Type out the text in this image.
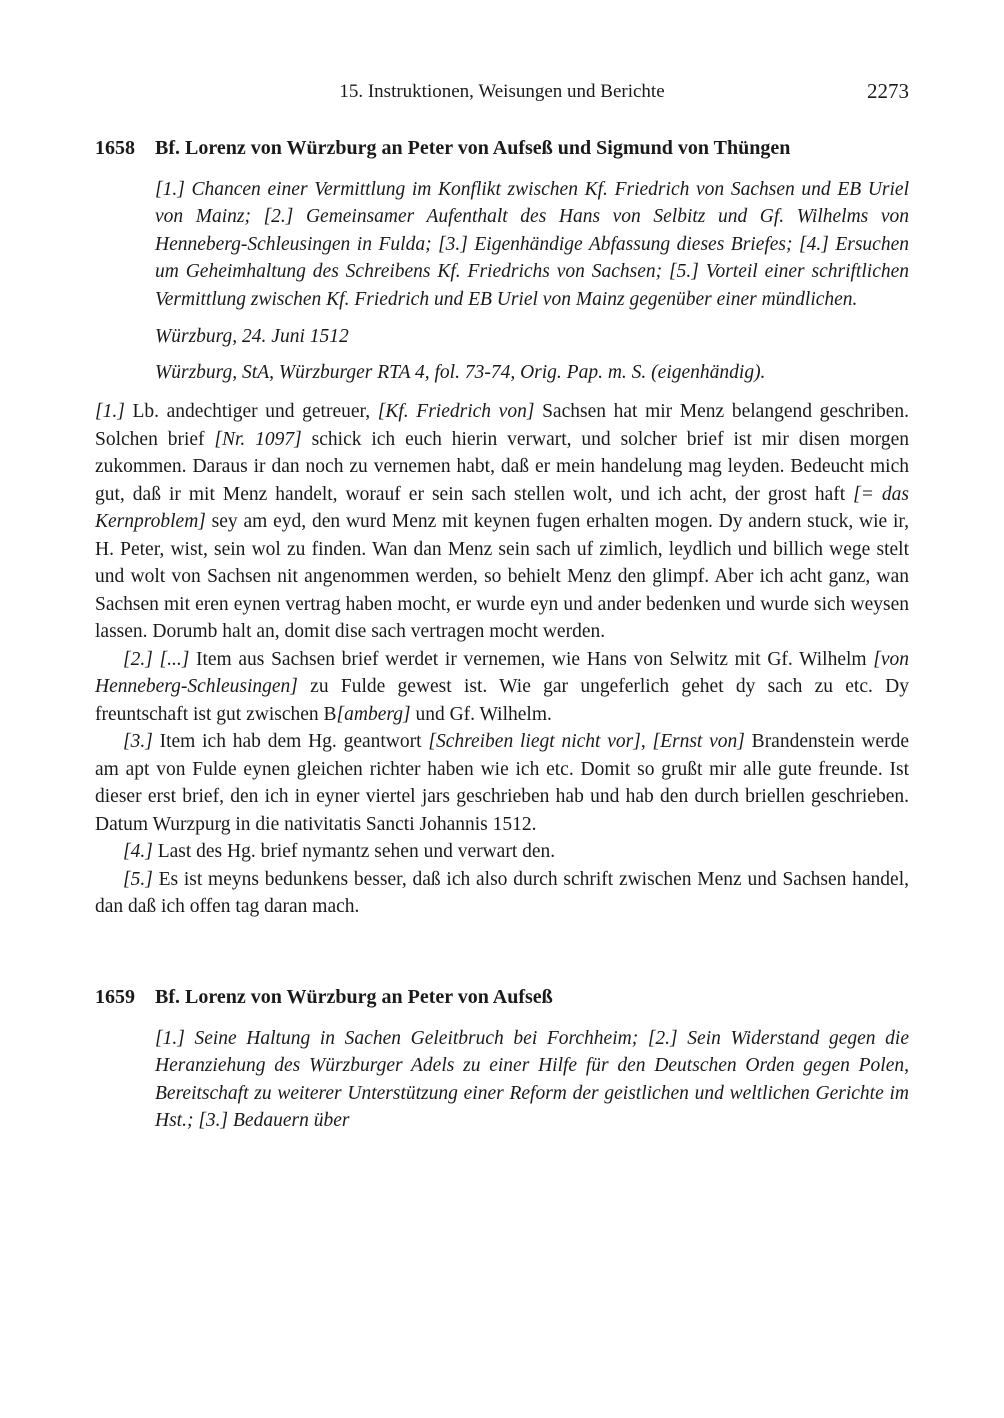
15. Instruktionen, Weisungen und Berichte	2273
1658	Bf. Lorenz von Würzburg an Peter von Aufseß und Sigmund von Thüngen
[1.] Chancen einer Vermittlung im Konflikt zwischen Kf. Friedrich von Sachsen und EB Uriel von Mainz; [2.] Gemeinsamer Aufenthalt des Hans von Selbitz und Gf. Wilhelms von Henneberg-Schleusingen in Fulda; [3.] Eigenhändige Abfassung dieses Briefes; [4.] Ersuchen um Geheimhaltung des Schreibens Kf. Friedrichs von Sachsen; [5.] Vorteil einer schriftlichen Vermittlung zwischen Kf. Friedrich und EB Uriel von Mainz gegenüber einer mündlichen.
Würzburg, 24. Juni 1512
Würzburg, StA, Würzburger RTA 4, fol. 73-74, Orig. Pap. m. S. (eigenhändig).

[1.] Lb. andechtiger und getreuer, [Kf. Friedrich von] Sachsen hat mir Menz belangend geschriben. Solchen brief [Nr. 1097] schick ich euch hierin verwart, und solcher brief ist mir disen morgen zukommen. Daraus ir dan noch zu vernemen habt, daß er mein handelung mag leyden. Bedeucht mich gut, daß ir mit Menz handelt, worauf er sein sach stellen wolt, und ich acht, der grost haft [= das Kernproblem] sey am eyd, den wurd Menz mit keynen fugen erhalten mogen. Dy andern stuck, wie ir, H. Peter, wist, sein wol zu finden. Wan dan Menz sein sach uf zimlich, leydlich und billich wege stelt und wolt von Sachsen nit angenommen werden, so behielt Menz den glimpf. Aber ich acht ganz, wan Sachsen mit eren eynen vertrag haben mocht, er wurde eyn und ander bedenken und wurde sich weysen lassen. Dorumb halt an, domit dise sach vertragen mocht werden.

[2.] [...] Item aus Sachsen brief werdet ir vernemen, wie Hans von Selwitz mit Gf. Wilhelm [von Henneberg-Schleusingen] zu Fulde gewest ist. Wie gar ungeferlich gehet dy sach zu etc. Dy freuntschaft ist gut zwischen B[amberg] und Gf. Wilhelm.

[3.] Item ich hab dem Hg. geantwort [Schreiben liegt nicht vor], [Ernst von] Brandenstein werde am apt von Fulde eynen gleichen richter haben wie ich etc. Domit so grußt mir alle gute freunde. Ist dieser erst brief, den ich in eyner viertel jars geschrieben hab und hab den durch briellen geschrieben. Datum Wurzpurg in die nativitatis Sancti Johannis 1512.

[4.] Last des Hg. brief nymantz sehen und verwart den.

[5.] Es ist meyns bedunkens besser, daß ich also durch schrift zwischen Menz und Sachsen handel, dan daß ich offen tag daran mach.

1659	Bf. Lorenz von Würzburg an Peter von Aufseß
[1.] Seine Haltung in Sachen Geleitbruch bei Forchheim; [2.] Sein Widerstand gegen die Heranziehung des Würzburger Adels zu einer Hilfe für den Deutschen Orden gegen Polen, Bereitschaft zu weiterer Unterstützung einer Reform der geistlichen und weltlichen Gerichte im Hst.; [3.] Bedauern über
